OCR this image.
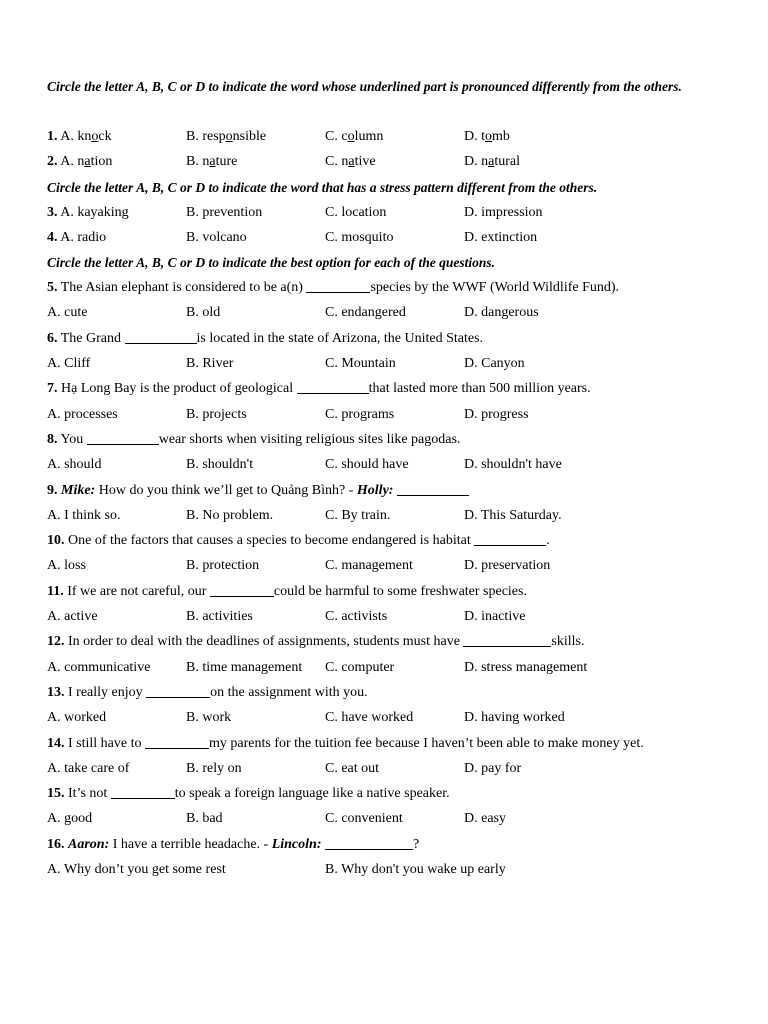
Circle the letter A, B, C or D to indicate the word whose underlined part is pronounced differently from the others.
1. A. knock	B. responsible	C. column	D. tomb
2. A. nation	B. nature	C. native	D. natural
Circle the letter A, B, C or D to indicate the word that has a stress pattern different from the others.
3. A. kayaking	B. prevention	C. location	D. impression
4. A. radio	B. volcano	C. mosquito	D. extinction
Circle the letter A, B, C or D to indicate the best option for each of the questions.
5. The Asian elephant is considered to be a(n)	species by the WWF (World Wildlife Fund).
A. cute	B. old	C. endangered	D. dangerous
6. The Grand	is located in the state of Arizona, the United States.
A. Cliff	B. River	C. Mountain	D. Canyon
7. Hạ Long Bay is the product of geological	that lasted more than 500 million years.
A. processes	B. projects	C. programs	D. progress
8. You	wear shorts when visiting religious sites like pagodas.
A. should	B. shouldn't	C. should have	D. shouldn't have
9. Mike: How do you think we’ll get to Quảng Bình? - Holly:
A. I think so.	B. No problem.	C. By train.	D. This Saturday.
10. One of the factors that causes a species to become endangered is habitat	.
A. loss	B. protection	C. management	D. preservation
11. If we are not careful, our	could be harmful to some freshwater species.
A. active	B. activities	C. activists	D. inactive
12. In order to deal with the deadlines of assignments, students must have	skills.
A. communicative	B. time management C. computer	D. stress management
13. I really enjoy	on the assignment with you.
A. worked	B. work	C. have worked	D. having worked
14. I still have to	my parents for the tuition fee because I haven’t been able to make money yet.
A. take care of	B. rely on	C. eat out	D. pay for
15. It’s not	to speak a foreign language like a native speaker.
A. good	B. bad	C. convenient	D. easy
16. Aaron: I have a terrible headache. - Lincoln:	?
A. Why don’t you get some rest	B. Why don't you wake up early
